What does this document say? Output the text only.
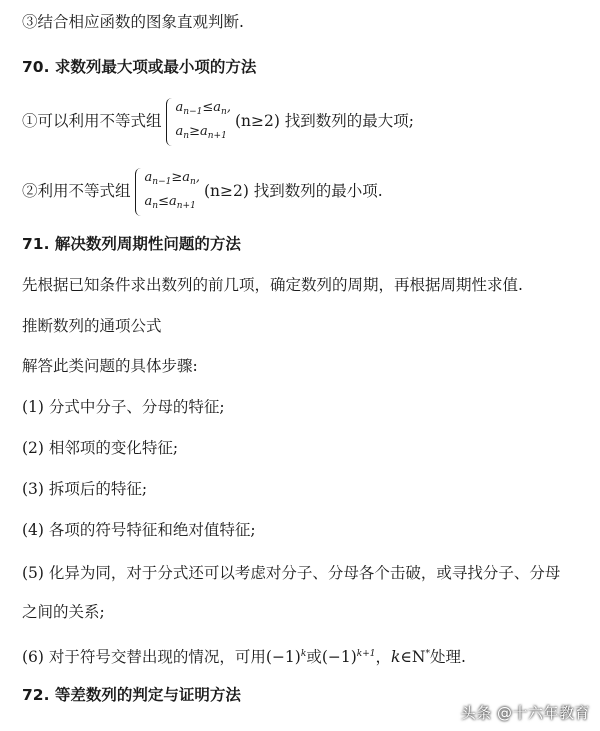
③结合相应函数的图象直观判断.
70. 求数列最大项或最小项的方法
①可以利用不等式组
$a_{n-1}\le a_n$,
$a_n\ge a_{n+1}$
(n≥2) 找到数列的最大项;
②利用不等式组
$a_{n-1}\ge a_n$,
$a_n\le a_{n+1}$
(n≥2) 找到数列的最小项.
71. 解决数列周期性问题的方法
先根据已知条件求出数列的前几项，确定数列的周期，再根据周期性求值.
推断数列的通项公式
解答此类问题的具体步骤:
(1) 分式中分子、分母的特征;
(2) 相邻项的变化特征;
(3) 拆项后的特征;
(4) 各项的符号特征和绝对值特征;
(5) 化异为同，对于分式还可以考虑对分子、分母各个击破，或寻找分子、分母
之间的关系;
(6) 对于符号交替出现的情况，可用$(-1)^k$或$(-1)^{k+1}$，k∈N*处理.
72. 等差数列的判定与证明方法
头条 @十六年教育
